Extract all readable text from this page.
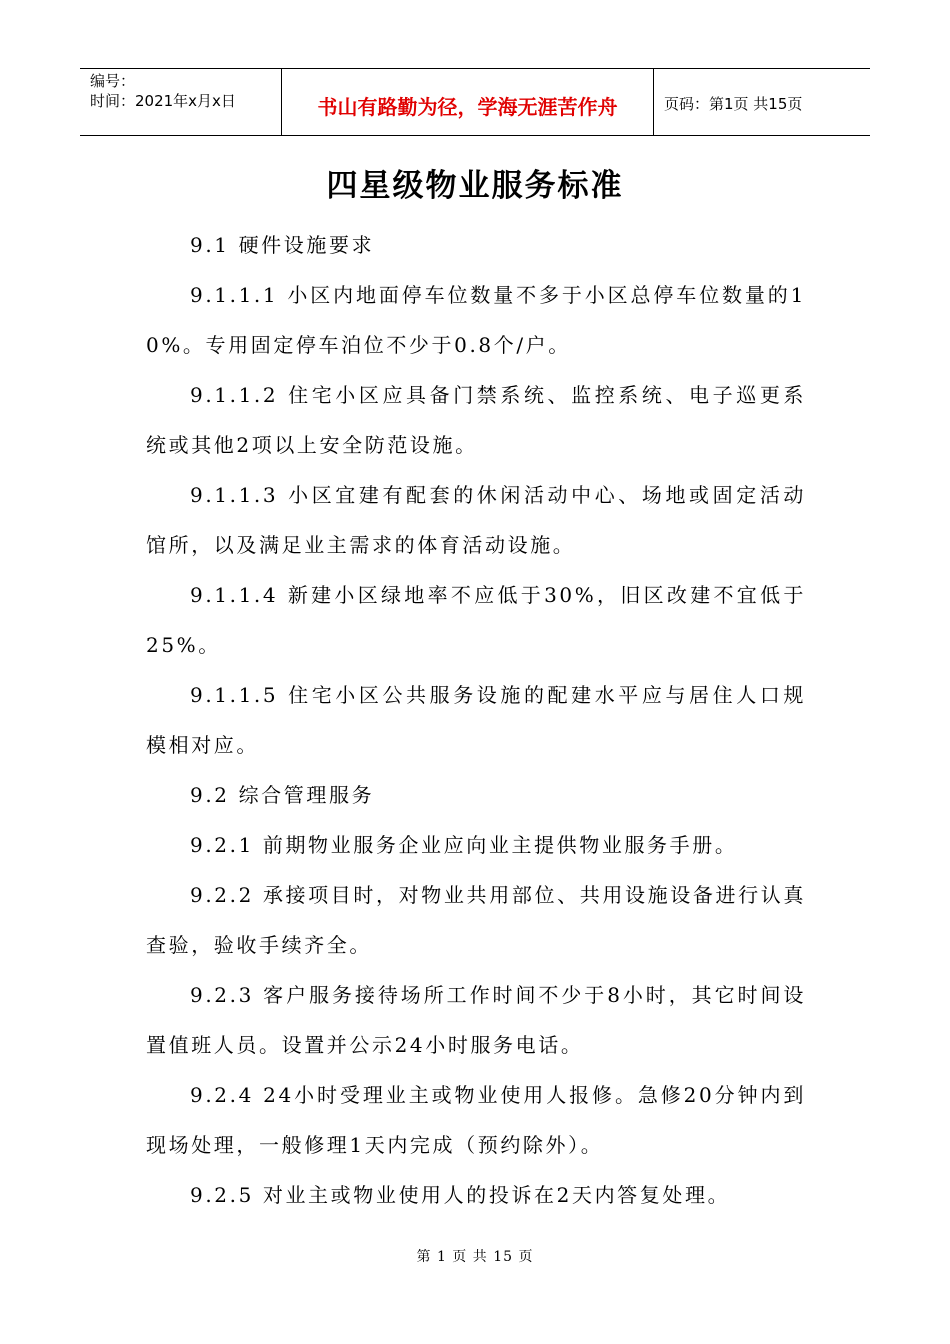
编号：
时间：2021年x月x日	书山有路勤为径，学海无涯苦作舟	页码：第1页 共15页
四星级物业服务标准

9.1 硬件设施要求

9.1.1.1 小区内地面停车位数量不多于小区总停车位数量的10%。专用固定停车泊位不少于0.8个/户。

9.1.1.2 住宅小区应具备门禁系统、监控系统、电子巡更系统或其他2项以上安全防范设施。

9.1.1.3 小区宜建有配套的休闲活动中心、场地或固定活动馆所，以及满足业主需求的体育活动设施。

9.1.1.4 新建小区绿地率不应低于30%，旧区改建不宜低于25%。

9.1.1.5 住宅小区公共服务设施的配建水平应与居住人口规模相对应。

9.2 综合管理服务

9.2.1 前期物业服务企业应向业主提供物业服务手册。

9.2.2 承接项目时，对物业共用部位、共用设施设备进行认真查验，验收手续齐全。

9.2.3 客户服务接待场所工作时间不少于8小时，其它时间设置值班人员。设置并公示24小时服务电话。

9.2.4 24小时受理业主或物业使用人报修。急修20分钟内到现场处理，一般修理1天内完成（预约除外）。

9.2.5 对业主或物业使用人的投诉在2天内答复处理。

第 1 页 共 15 页
